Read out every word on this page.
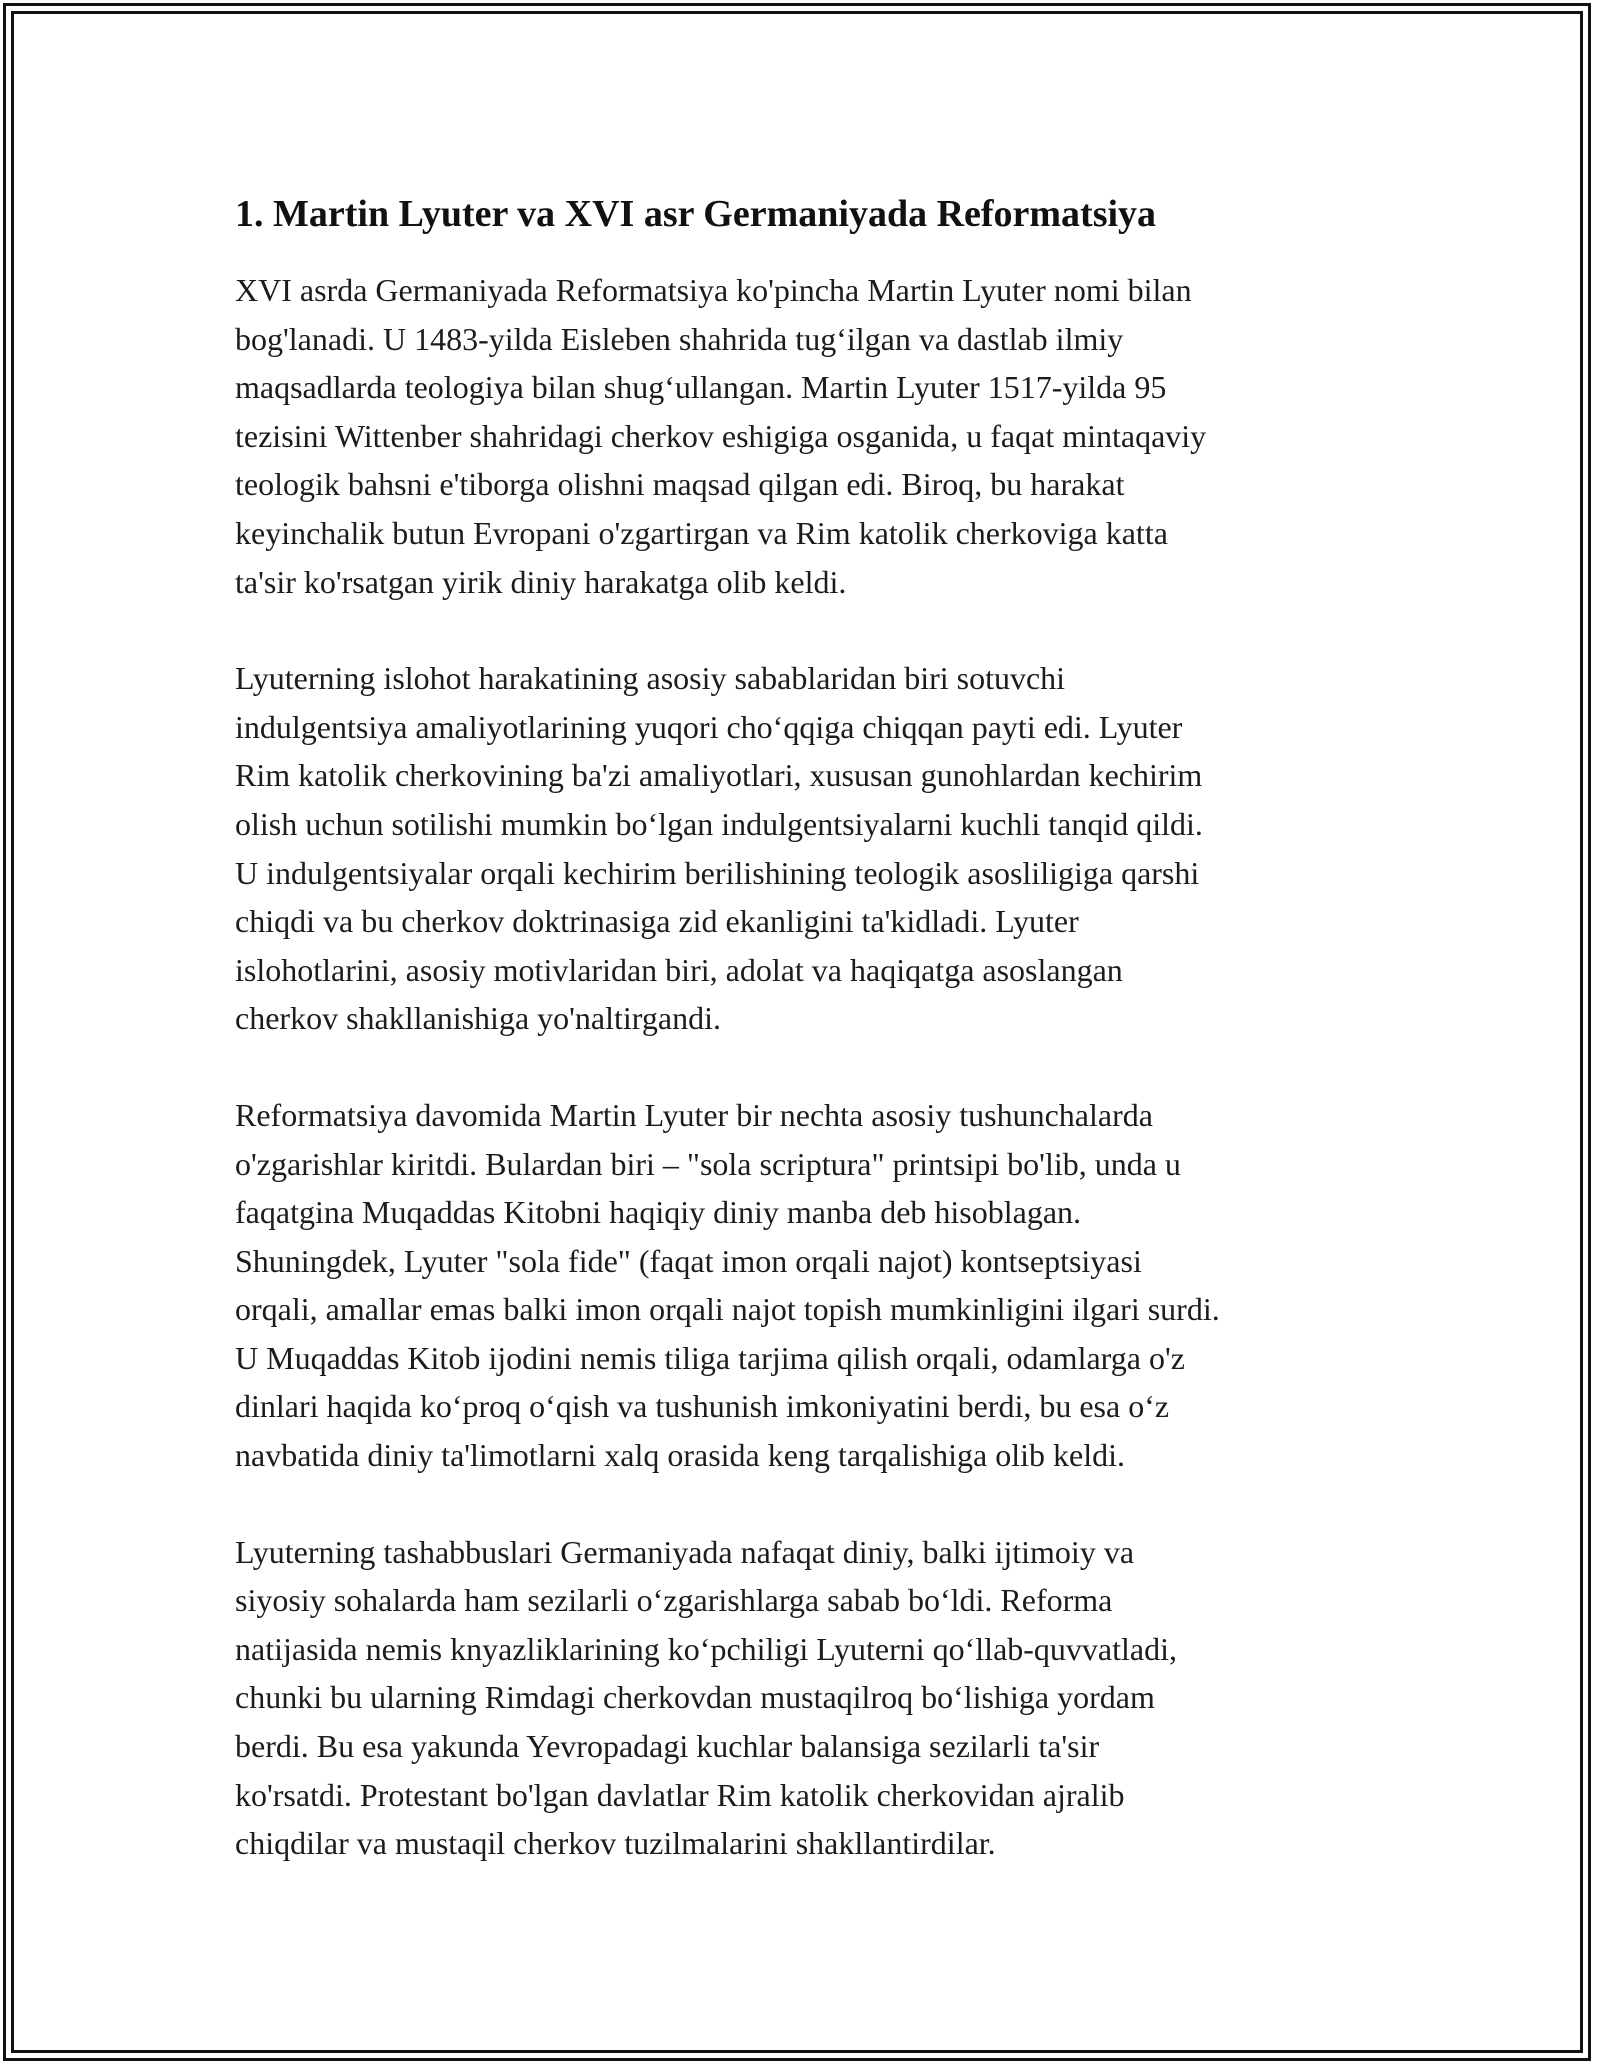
1. Martin Lyuter va XVI asr Germaniyada Reformatsiya

XVI asrda Germaniyada Reformatsiya ko'pincha Martin Lyuter nomi bilan
bog'lanadi. U 1483-yilda Eisleben shahrida tug‘ilgan va dastlab ilmiy
maqsadlarda teologiya bilan shug‘ullangan. Martin Lyuter 1517-yilda 95
tezisini Wittenber shahridagi cherkov eshigiga osganida, u faqat mintaqaviy
teologik bahsni e'tiborga olishni maqsad qilgan edi. Biroq, bu harakat
keyinchalik butun Evropani o'zgartirgan va Rim katolik cherkoviga katta
ta'sir ko'rsatgan yirik diniy harakatga olib keldi.

Lyuterning islohot harakatining asosiy sabablaridan biri sotuvchi
indulgentsiya amaliyotlarining yuqori cho‘qqiga chiqqan payti edi. Lyuter
Rim katolik cherkovining ba'zi amaliyotlari, xususan gunohlardan kechirim
olish uchun sotilishi mumkin bo‘lgan indulgentsiyalarni kuchli tanqid qildi.
U indulgentsiyalar orqali kechirim berilishining teologik asosliligiga qarshi
chiqdi va bu cherkov doktrinasiga zid ekanligini ta'kidladi. Lyuter
islohotlarini, asosiy motivlaridan biri, adolat va haqiqatga asoslangan
cherkov shakllanishiga yo'naltirgandi.

Reformatsiya davomida Martin Lyuter bir nechta asosiy tushunchalarda
o'zgarishlar kiritdi. Bulardan biri – "sola scriptura" printsipi bo'lib, unda u
faqatgina Muqaddas Kitobni haqiqiy diniy manba deb hisoblagan.
Shuningdek, Lyuter "sola fide" (faqat imon orqali najot) kontseptsiyasi
orqali, amallar emas balki imon orqali najot topish mumkinligini ilgari surdi.
U Muqaddas Kitob ijodini nemis tiliga tarjima qilish orqali, odamlarga o'z
dinlari haqida ko‘proq o‘qish va tushunish imkoniyatini berdi, bu esa o‘z
navbatida diniy ta'limotlarni xalq orasida keng tarqalishiga olib keldi.

Lyuterning tashabbuslari Germaniyada nafaqat diniy, balki ijtimoiy va
siyosiy sohalarda ham sezilarli o‘zgarishlarga sabab bo‘ldi. Reforma
natijasida nemis knyazliklarining ko‘pchiligi Lyuterni qo‘llab-quvvatladi,
chunki bu ularning Rimdagi cherkovdan mustaqilroq bo‘lishiga yordam
berdi. Bu esa yakunda Yevropadagi kuchlar balansiga sezilarli ta'sir
ko'rsatdi. Protestant bo'lgan davlatlar Rim katolik cherkovidan ajralib
chiqdilar va mustaqil cherkov tuzilmalarini shakllantirdilar.
